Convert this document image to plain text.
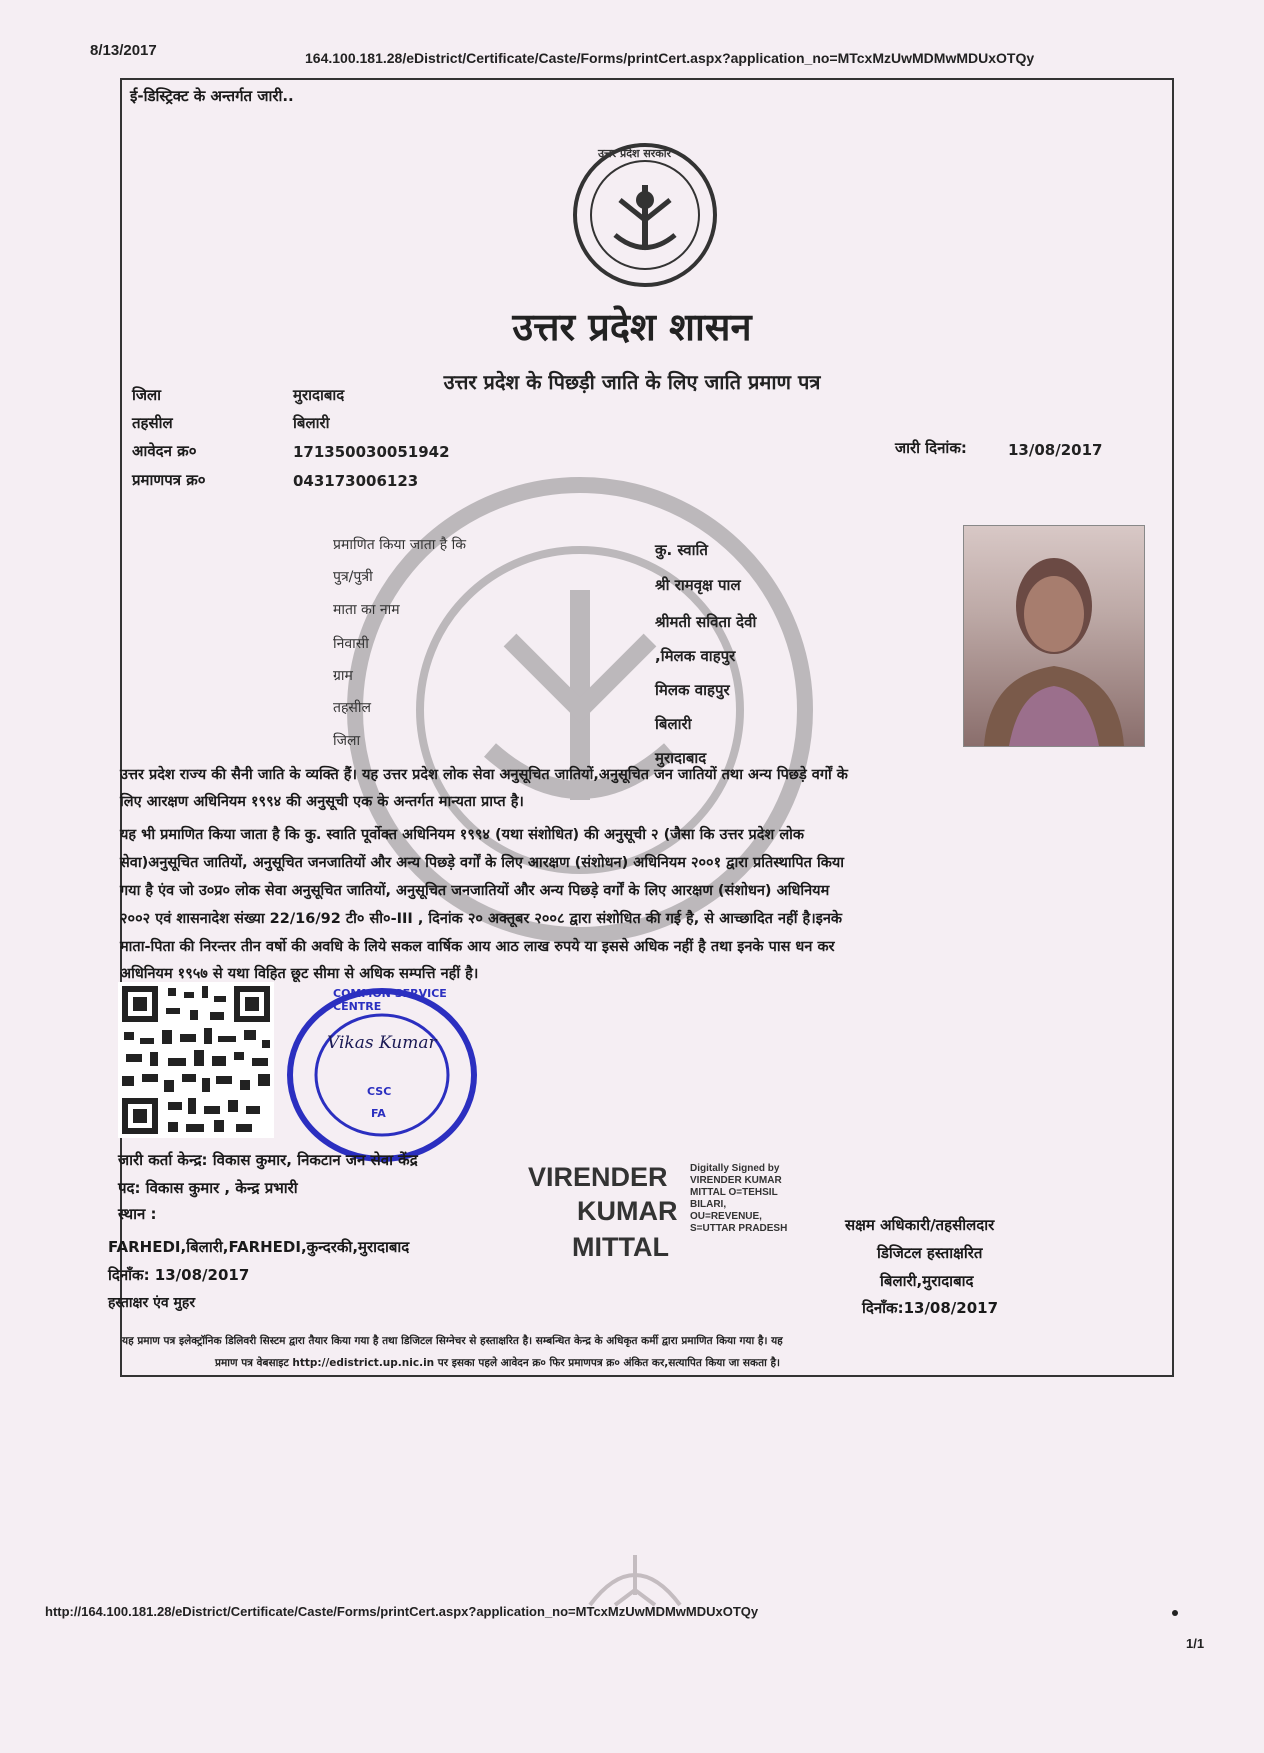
8/13/2017	164.100.181.28/eDistrict/Certificate/Caste/Forms/printCert.aspx?application_no=MTcxMzUwMDMwMDUxOTQy
ई-डिस्ट्रिक्ट के अन्तर्गत जारी..
उत्तर प्रदेश सरकार
उत्तर प्रदेश शासन
उत्तर प्रदेश के पिछड़ी जाति के लिए जाति प्रमाण पत्र
जिला	मुरादाबाद
तहसील	बिलारी
आवेदन क्र०	171350030051942
प्रमाणपत्र क्र०	043173006123
जारी दिनांक:	13/08/2017
प्रमाणित किया जाता है कि	कु. स्वाति
पुत्र/पुत्री	श्री रामवृक्ष पाल
माता का नाम
श्रीमती सविता देवी
निवासी
,मिलक वाहपुर
ग्राम
मिलक वाहपुर
तहसील
बिलारी
जिला
मुरादाबाद
उत्तर प्रदेश राज्य की सैनी जाति के व्यक्ति हैं। यह उत्तर प्रदेश लोक सेवा अनुसूचित जातियों,अनुसूचित जन जातियों तथा अन्य पिछड़े वर्गों के
लिए आरक्षण अधिनियम १९९४ की अनुसूची एक के अन्तर्गत मान्यता प्राप्त है।
यह भी प्रमाणित किया जाता है कि कु. स्वाति पूर्वोक्त अधिनियम १९९४ (यथा संशोधित) की अनुसूची २ (जैसा कि उत्तर प्रदेश लोक
सेवा)अनुसूचित जातियों, अनुसूचित जनजातियों और अन्य पिछड़े वर्गों के लिए आरक्षण (संशोधन) अधिनियम २००१ द्वारा प्रतिस्थापित किया
गया है एंव जो उ०प्र० लोक सेवा अनुसूचित जातियों, अनुसूचित जनजातियों और अन्य पिछड़े वर्गों के लिए आरक्षण (संशोधन) अधिनियम
२००२ एवं शासनादेश संख्या 22/16/92 टी० सी०-III , दिनांक २० अक्तूबर २००८ द्वारा संशोधित की गई है, से आच्छादित नहीं है।इनके
माता-पिता की निरन्तर तीन वर्षो की अवधि के लिये सकल वार्षिक आय आठ लाख रुपये या इससे अधिक नहीं है तथा इनके पास धन कर
अधिनियम १९५७ से यथा विहित छूट सीमा से अधिक सम्पत्ति नहीं है।
COMMON SERVICE CENTRE
Vikas Kumar
CSC
FA
जारी कर्ता केन्द्र: विकास कुमार, निकटान जन सेवा केंद्र
पद: विकास कुमार , केन्द्र प्रभारी
स्थान :
FARHEDI,बिलारी,FARHEDI,कुन्दरकी,मुरादाबाद
दिनाँक: 13/08/2017
हस्ताक्षर एंव मुहर
VIRENDER
KUMAR
MITTAL
Digitally Signed by
VIRENDER KUMAR
MITTAL O=TEHSIL
BILARI,
OU=REVENUE,
S=UTTAR PRADESH	सक्षम अधिकारी/तहसीलदार
डिजिटल हस्ताक्षरित
बिलारी,मुरादाबाद
दिनाँक:13/08/2017
यह प्रमाण पत्र इलेक्ट्रॉनिक डिलिवरी सिस्टम द्वारा तैयार किया गया है तथा डिजिटल सिग्नेचर से हस्ताक्षरित है। सम्बन्धित केन्द्र के अधिकृत कर्मी द्वारा प्रमाणित किया गया है। यह
प्रमाण पत्र वेबसाइट http://edistrict.up.nic.in पर इसका पहले आवेदन क्र० फिर प्रमाणपत्र क्र० अंकित कर,सत्यापित किया जा सकता है।
http://164.100.181.28/eDistrict/Certificate/Caste/Forms/printCert.aspx?application_no=MTcxMzUwMDMwMDUxOTQy
1/1
